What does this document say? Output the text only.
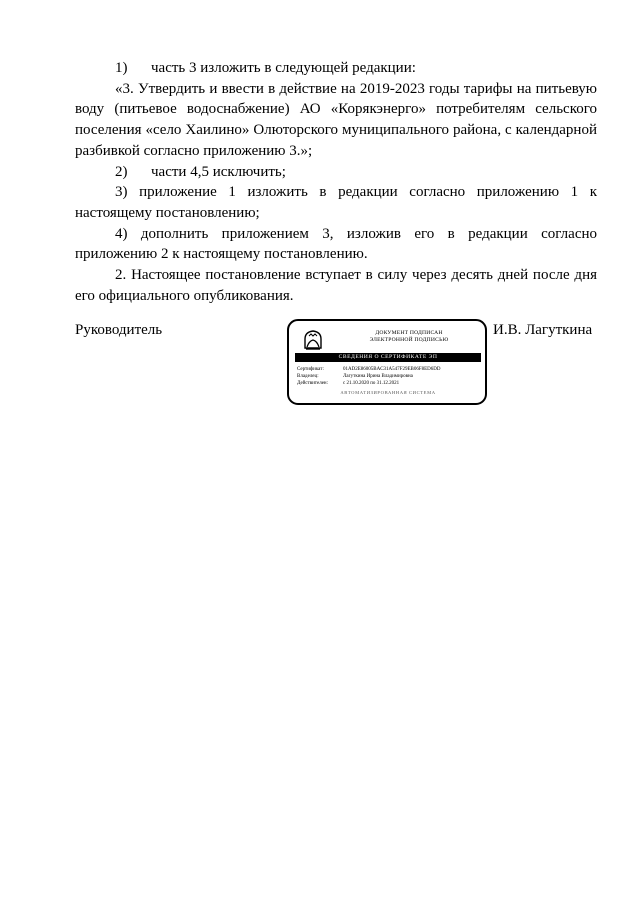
1) часть 3 изложить в следующей редакции:

«3. Утвердить и ввести в действие на 2019-2023 годы тарифы на питьевую воду (питьевое водоснабжение) АО «Корякэнерго» потребителям сельского поселения «село Хаилино» Олюторского муниципального района, с календарной разбивкой согласно приложению 3.»;

2) части 4,5 исключить;

3) приложение 1 изложить в редакции согласно приложению 1 к настоящему постановлению;

4) дополнить приложением 3, изложив его в редакции согласно приложению 2 к настоящему постановлению.

2. Настоящее постановление вступает в силу через десять дней после дня его официального опубликования.

Руководитель	ДОКУМЕНТ ПОДПИСАН
ЭЛЕКТРОННОЙ ПОДПИСЬЮ
СВЕДЕНИЯ О СЕРТИФИКАТЕ ЭП
Сертификат:	01AD2E86005BAC31A547F29EB06F8ED6DD
Владелец:	Лагуткина Ирина Владимировна
Действителен:	с 21.10.2020 по 31.12.2021
АВТОМАТИЗИРОВАННАЯ СИСТЕМА
И.В. Лагуткина
